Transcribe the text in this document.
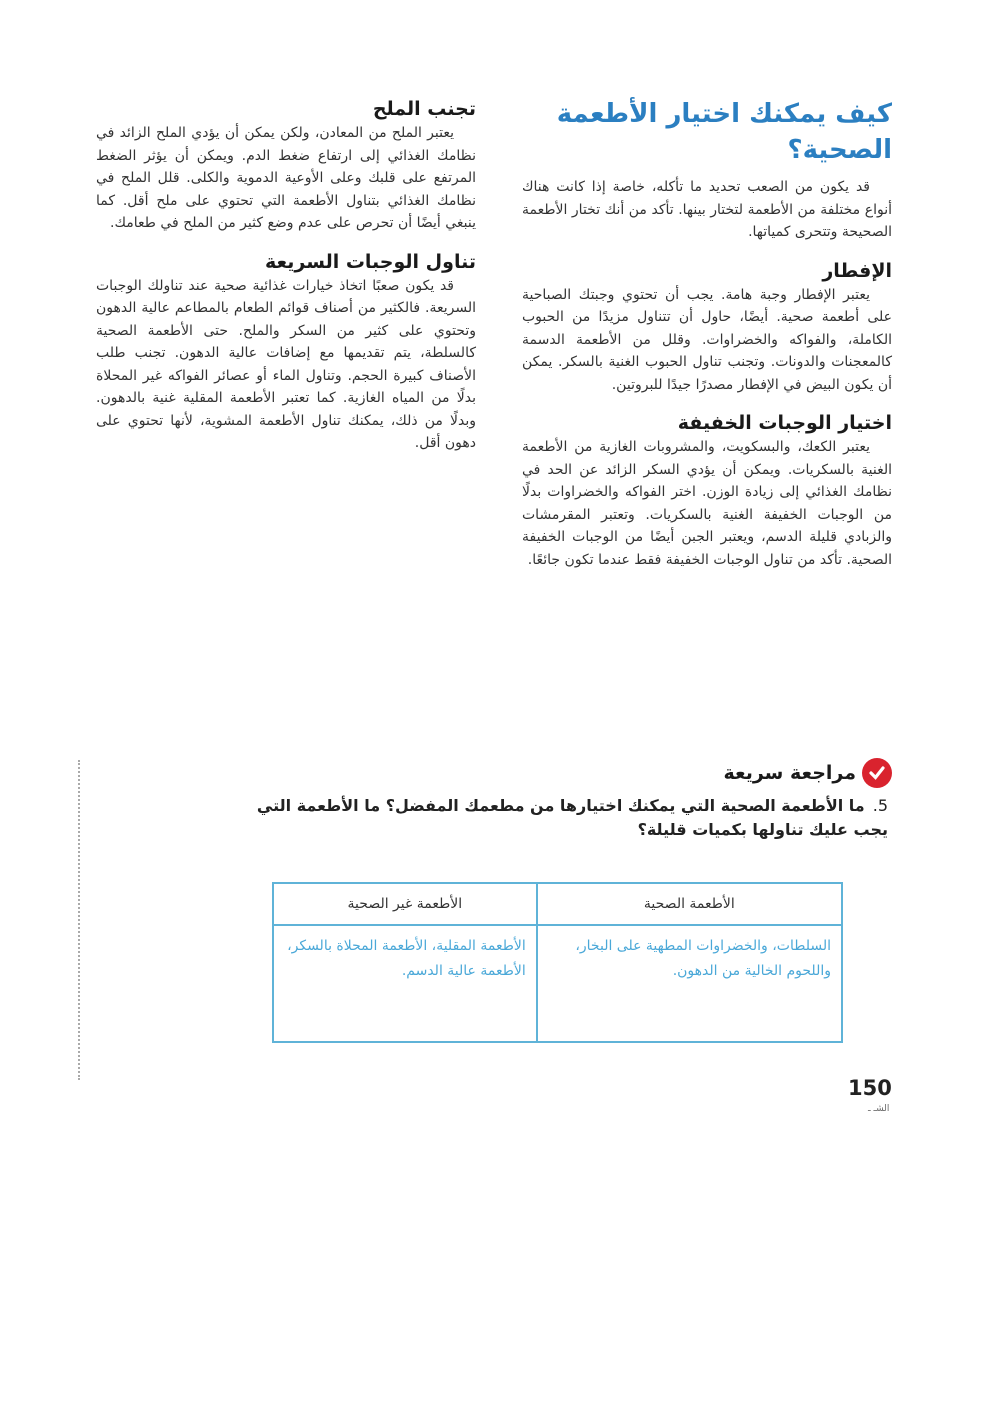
كيف يمكنك اختيار الأطعمة الصحية؟

قد يكون من الصعب تحديد ما تأكله، خاصة إذا كانت هناك أنواع مختلفة من الأطعمة لتختار بينها. تأكد من أنك تختار الأطعمة الصحيحة وتتحرى كمياتها.

الإفطار

يعتبر الإفطار وجبة هامة. يجب أن تحتوي وجبتك الصباحية على أطعمة صحية. أيضًا، حاول أن تتناول مزيدًا من الحبوب الكاملة، والفواكه والخضراوات. وقلل من الأطعمة الدسمة كالمعجنات والدونات. وتجنب تناول الحبوب الغنية بالسكر. يمكن أن يكون البيض في الإفطار مصدرًا جيدًا للبروتين.

اختيار الوجبات الخفيفة

يعتبر الكعك، والبسكويت، والمشروبات الغازية من الأطعمة الغنية بالسكريات. ويمكن أن يؤدي السكر الزائد عن الحد في نظامك الغذائي إلى زيادة الوزن. اختر الفواكه والخضراوات بدلًا من الوجبات الخفيفة الغنية بالسكريات. وتعتبر المقرمشات والزبادي قليلة الدسم، ويعتبر الجبن أيضًا من الوجبات الخفيفة الصحية. تأكد من تناول الوجبات الخفيفة فقط عندما تكون جائعًا.

تجنب الملح

يعتبر الملح من المعادن، ولكن يمكن أن يؤدي الملح الزائد في نظامك الغذائي إلى ارتفاع ضغط الدم. ويمكن أن يؤثر الضغط المرتفع على قلبك وعلى الأوعية الدموية والكلى. قلل الملح في نظامك الغذائي بتناول الأطعمة التي تحتوي على ملح أقل. كما ينبغي أيضًا أن تحرص على عدم وضع كثير من الملح في طعامك.

تناول الوجبات السريعة

قد يكون صعبًا اتخاذ خيارات غذائية صحية عند تناولك الوجبات السريعة. فالكثير من أصناف قوائم الطعام بالمطاعم عالية الدهون وتحتوي على كثير من السكر والملح. حتى الأطعمة الصحية كالسلطة، يتم تقديمها مع إضافات عالية الدهون. تجنب طلب الأصناف كبيرة الحجم. وتناول الماء أو عصائر الفواكه غير المحلاة بدلًا من المياه الغازية. كما تعتبر الأطعمة المقلية غنية بالدهون. وبدلًا من ذلك، يمكنك تناول الأطعمة المشوية، لأنها تحتوي على دهون أقل.

مراجعة سريعة
5.ما الأطعمة الصحية التي يمكنك اختيارها من مطعمك المفضل؟ ما الأطعمة التي يجب عليك تناولها بكميات قليلة؟
الأطعمة الصحية	الأطعمة غير الصحية
السلطات، والخضراوات المطهية على البخار، واللحوم الخالية من الدهون.	الأطعمة المقلية، الأطعمة المحلاة بالسكر، الأطعمة عالية الدسم.
150
الشـ ـ
